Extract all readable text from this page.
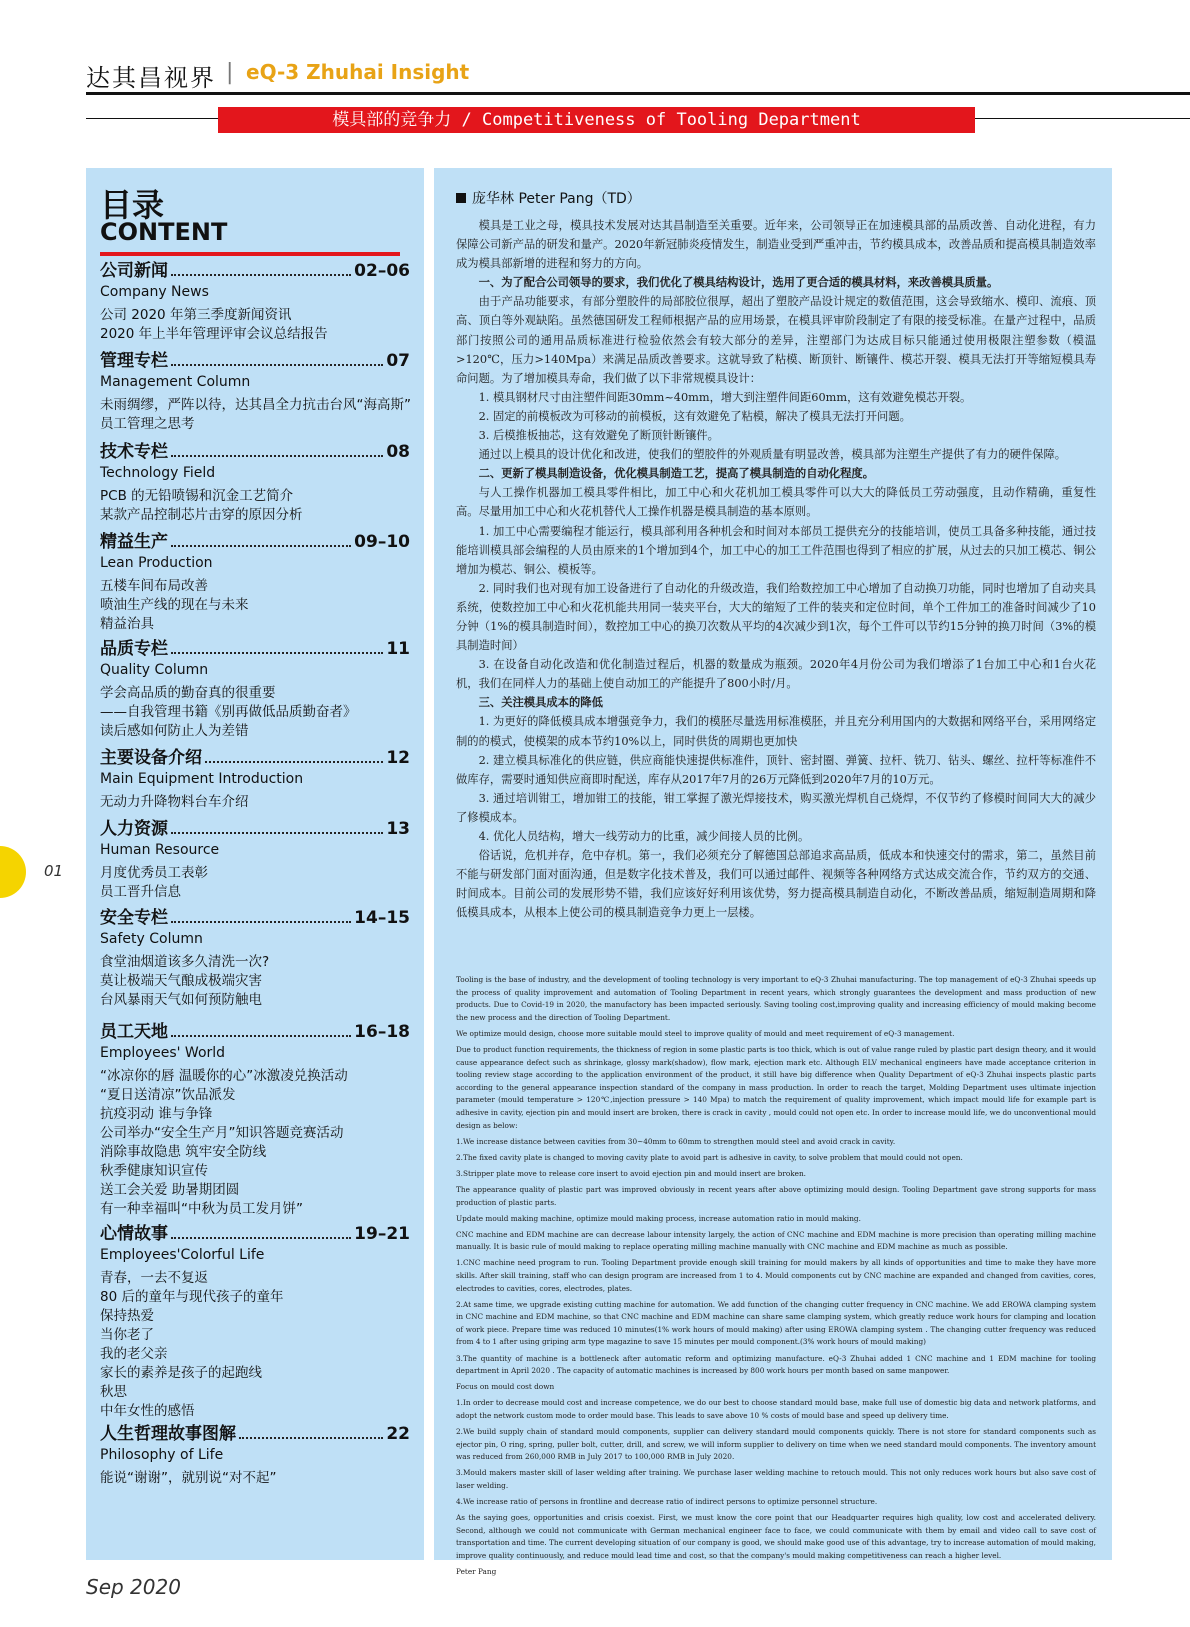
达其昌视界 | eQ-3 Zhuhai Insight
模具部的竞争力 / Competitiveness of Tooling Department
目录
CONTENT
公司新闻	02–06
Company News
公司 2020 年第三季度新闻资讯
2020 年上半年管理评审会议总结报告
管理专栏	07
Management Column
未雨绸缪，严阵以待，达其昌全力抗击台风“海高斯”
员工管理之思考
技术专栏	08
Technology Field
PCB 的无铅喷锡和沉金工艺简介
某款产品控制芯片击穿的原因分析
精益生产	09–10
Lean Production
五楼车间布局改善
喷油生产线的现在与未来
精益治具
品质专栏	11
Quality Column
学会高品质的勤奋真的很重要
——自我管理书籍《别再做低品质勤奋者》
读后感如何防止人为差错
主要设备介绍	12
Main Equipment Introduction
无动力升降物料台车介绍
人力资源	13
Human Resource
月度优秀员工表彰
员工晋升信息
安全专栏	14–15
Safety Column
食堂油烟道该多久清洗一次?
莫让极端天气酿成极端灾害
台风暴雨天气如何预防触电
员工天地	16–18
Employees' World
“冰凉你的唇 温暖你的心”冰激凌兑换活动
“夏日送清凉”饮品派发
抗疫羽动 谁与争锋
公司举办“安全生产月”知识答题竞赛活动
消除事故隐患 筑牢安全防线
秋季健康知识宣传
送工会关爱 助暑期团圆
有一种幸福叫“中秋为员工发月饼”
心情故事	19–21
Employees'Colorful Life
青春，一去不复返
80 后的童年与现代孩子的童年
保持热爱
当你老了
我的老父亲
家长的素养是孩子的起跑线
秋思
中年女性的感悟
人生哲理故事图解	22
Philosophy of Life
能说“谢谢”，就别说“对不起”
庞华林 Peter Pang（TD）

模具是工业之母，模具技术发展对达其昌制造至关重要。近年来，公司领导正在加速模具部的品质改善、自动化进程，有力保障公司新产品的研发和量产。2020年新冠肺炎疫情发生，制造业受到严重冲击，节约模具成本，改善品质和提高模具制造效率成为模具部新增的进程和努力的方向。

一、为了配合公司领导的要求，我们优化了模具结构设计，选用了更合适的模具材料，来改善模具质量。

由于产品功能要求，有部分塑胶件的局部胶位很厚，超出了塑胶产品设计规定的数值范围，这会导致缩水、模印、流痕、顶高、顶白等外观缺陷。虽然德国研发工程师根据产品的应用场景，在模具评审阶段制定了有限的接受标准。在量产过程中，品质部门按照公司的通用品质标准进行检验依然会有较大部分的差异，注塑部门为达成目标只能通过使用极限注塑参数（模温>120℃，压力>140Mpa）来满足品质改善要求。这就导致了粘模、断顶针、断镶件、模芯开裂、模具无法打开等缩短模具寿命问题。为了增加模具寿命，我们做了以下非常规模具设计：

1. 模具钢材尺寸由注塑件间距30mm~40mm，增大到注塑件间距60mm，这有效避免模芯开裂。

2. 固定的前模板改为可移动的前模板，这有效避免了粘模，解决了模具无法打开问题。

3. 后模推板抽芯，这有效避免了断顶针断镶件。

通过以上模具的设计优化和改进，使我们的塑胶件的外观质量有明显改善，模具部为注塑生产提供了有力的硬件保障。

二、更新了模具制造设备，优化模具制造工艺，提高了模具制造的自动化程度。

与人工操作机器加工模具零件相比，加工中心和火花机加工模具零件可以大大的降低员工劳动强度，且动作精确，重复性高。尽量用加工中心和火花机替代人工操作机器是模具制造的基本原则。

1. 加工中心需要编程才能运行，模具部利用各种机会和时间对本部员工提供充分的技能培训，使员工具备多种技能，通过技能培训模具部会编程的人员由原来的1个增加到4个，加工中心的加工工件范围也得到了相应的扩展，从过去的只加工模芯、铜公增加为模芯、铜公、模板等。

2. 同时我们也对现有加工设备进行了自动化的升级改造，我们给数控加工中心增加了自动换刀功能，同时也增加了自动夹具系统，使数控加工中心和火花机能共用同一装夹平台，大大的缩短了工件的装夹和定位时间，单个工件加工的准备时间减少了10分钟（1%的模具制造时间），数控加工中心的换刀次数从平均的4次减少到1次，每个工件可以节约15分钟的换刀时间（3%的模具制造时间）

3. 在设备自动化改造和优化制造过程后，机器的数量成为瓶颈。2020年4月份公司为我们增添了1台加工中心和1台火花机，我们在同样人力的基础上使自动加工的产能提升了800小时/月。

三、关注模具成本的降低

1. 为更好的降低模具成本增强竞争力，我们的模胚尽量选用标准模胚，并且充分利用国内的大数据和网络平台，采用网络定制的的模式，使模架的成本节约10%以上，同时供货的周期也更加快

2. 建立模具标准化的供应链，供应商能快速提供标准件，顶针、密封圈、弹簧、拉杆、铣刀、钻头、螺丝、拉杆等标准件不做库存，需要时通知供应商即时配送，库存从2017年7月的26万元降低到2020年7月的10万元。

3. 通过培训钳工，增加钳工的技能，钳工掌握了激光焊接技术，购买激光焊机自己烧焊，不仅节约了修模时间同大大的减少了修模成本。

4. 优化人员结构，增大一线劳动力的比重，减少间接人员的比例。

俗话说，危机并存，危中存机。第一，我们必须充分了解德国总部追求高品质，低成本和快速交付的需求，第二，虽然目前不能与研发部门面对面沟通，但是数字化技术普及，我们可以通过邮件、视频等各种网络方式达成交流合作，节约双方的交通、时间成本。目前公司的发展形势不错，我们应该好好利用该优势，努力提高模具制造自动化，不断改善品质，缩短制造周期和降低模具成本，从根本上使公司的模具制造竞争力更上一层楼。

Tooling is the base of industry, and the development of tooling technology is very important to eQ-3 Zhuhai manufacturing. The top management of eQ-3 Zhuhai speeds up the process of quality improvement and automation of Tooling Department in recent years, which strongly guarantees the development and mass production of new products. Due to Covid-19 in 2020, the manufactory has been impacted seriously. Saving tooling cost,improving quality and increasing efficiency of mould making become the new process and the direction of Tooling Department.

We optimize mould design, choose more suitable mould steel to improve quality of mould and meet requirement of eQ-3 management.

Due to product function requirements, the thickness of region in some plastic parts is too thick, which is out of value range ruled by plastic part design theory, and it would cause appearance defect such as shrinkage, glossy mark(shadow), flow mark, ejection mark etc. Although ELV mechanical engineers have made acceptance criterion in tooling review stage according to the application environment of the product, it still have big difference when Quality Department of eQ-3 Zhuhai inspects plastic parts according to the general appearance inspection standard of the company in mass production. In order to reach the target, Molding Department uses ultimate injection parameter (mould temperature > 120℃,injection pressure > 140 Mpa) to match the requirement of quality improvement, which impact mould life for example part is adhesive in cavity, ejection pin and mould insert are broken, there is crack in cavity , mould could not open etc. In order to increase mould life, we do unconventional mould design as below:

1.We increase distance between cavities from 30~40mm to 60mm to strengthen mould steel and avoid crack in cavity.

2.The fixed cavity plate is changed to moving cavity plate to avoid part is adhesive in cavity, to solve problem that mould could not open.

3.Stripper plate move to release core insert to avoid ejection pin and mould insert are broken.

The appearance quality of plastic part was improved obviously in recent years after above optimizing mould design. Tooling Department gave strong supports for mass production of plastic parts.

Update mould making machine, optimize mould making process, increase automation ratio in mould making.

CNC machine and EDM machine are can decrease labour intensity largely, the action of CNC machine and EDM machine is more precision than operating milling machine manually. It is basic rule of mould making to replace operating milling machine manually with CNC machine and EDM machine as much as possible.

1.CNC machine need program to run. Tooling Department provide enough skill training for mould makers by all kinds of opportunities and time to make they have more skills. After skill training, staff who can design program are increased from 1 to 4. Mould components cut by CNC machine are expanded and changed from cavities, cores, electrodes to cavities, cores, electrodes, plates.

2.At same time, we upgrade existing cutting machine for automation. We add function of the changing cutter frequency in CNC machine. We add EROWA clamping system in CNC machine and EDM machine, so that CNC machine and EDM machine can share same clamping system, which greatly reduce work hours for clamping and location of work piece. Prepare time was reduced 10 minutes(1% work hours of mould making) after using EROWA clamping system . The changing cutter frequency was reduced from 4 to 1 after using griping arm type magazine to save 15 minutes per mould component.(3% work hours of mould making)

3.The quantity of machine is a bottleneck after automatic reform and optimizing manufacture. eQ-3 Zhuhai added 1 CNC machine and 1 EDM machine for tooling department in April 2020 . The capacity of automatic machines is increased by 800 work hours per month based on same manpower.

Focus on mould cost down

1.In order to decrease mould cost and increase competence, we do our best to choose standard mould base, make full use of domestic big data and network platforms, and adopt the network custom mode to order mould base. This leads to save above 10 % costs of mould base and speed up delivery time.

2.We build supply chain of standard mould components, supplier can delivery standard mould components quickly. There is not store for standard components such as ejector pin, O ring, spring, puller bolt, cutter, drill, and screw, we will inform supplier to delivery on time when we need standard mould components. The inventory amount was reduced from 260,000 RMB in July 2017 to 100,000 RMB in July 2020.

3.Mould makers master skill of laser welding after training. We purchase laser welding machine to retouch mould. This not only reduces work hours but also save cost of laser welding.

4.We increase ratio of persons in frontline and decrease ratio of indirect persons to optimize personnel structure.

As the saying goes, opportunities and crisis coexist. First, we must know the core point that our Headquarter requires high quality, low cost and accelerated delivery. Second, although we could not communicate with German mechanical engineer face to face, we could communicate with them by email and video call to save cost of transportation and time. The current developing situation of our company is good, we should make good use of this advantage, try to increase automation of mould making, improve quality continuously, and reduce mould lead time and cost, so that the company's mould making competitiveness can reach a higher level.

Peter Pang

01
Sep 2020
